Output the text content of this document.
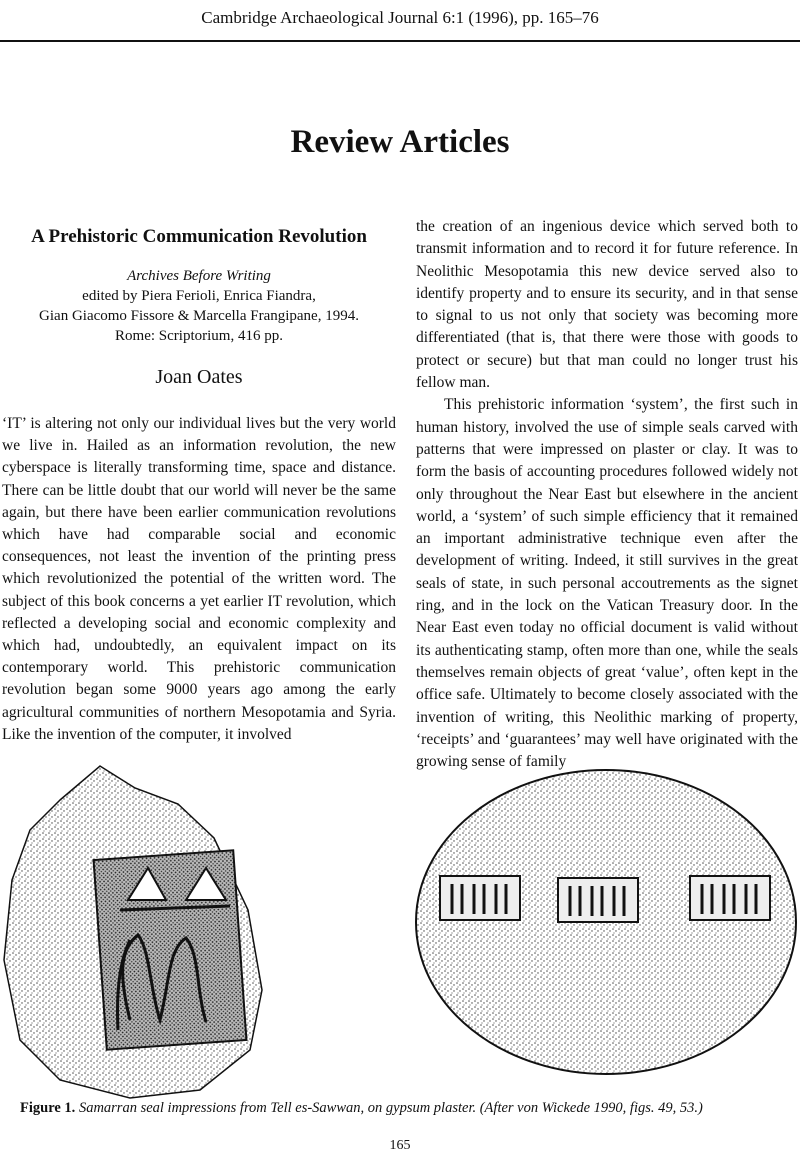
Cambridge Archaeological Journal 6:1 (1996), pp. 165–76
Review Articles
A Prehistoric Communication Revolution
Archives Before Writing
edited by Piera Ferioli, Enrica Fiandra,
Gian Giacomo Fissore & Marcella Frangipane, 1994.
Rome: Scriptorium, 416 pp.
Joan Oates

‘IT’ is altering not only our individual lives but the very world we live in. Hailed as an information revolution, the new cyberspace is literally transforming time, space and distance. There can be little doubt that our world will never be the same again, but there have been earlier communication revolutions which have had comparable social and economic consequences, not least the invention of the printing press which revolutionized the potential of the written word. The subject of this book concerns a yet earlier IT revolution, which reflected a developing social and economic complexity and which had, undoubtedly, an equivalent impact on its contemporary world. This prehistoric communication revolution began some 9000 years ago among the early agricultural communities of northern Mesopotamia and Syria. Like the invention of the computer, it involved

the creation of an ingenious device which served both to transmit information and to record it for future reference. In Neolithic Mesopotamia this new device served also to identify property and to ensure its security, and in that sense to signal to us not only that society was becoming more differentiated (that is, that there were those with goods to protect or secure) but that man could no longer trust his fellow man.

This prehistoric information ‘system’, the first such in human history, involved the use of simple seals carved with patterns that were impressed on plaster or clay. It was to form the basis of accounting procedures followed widely not only throughout the Near East but elsewhere in the ancient world, a ‘system’ of such simple efficiency that it remained an important administrative technique even after the development of writing. Indeed, it still survives in the great seals of state, in such personal accoutrements as the signet ring, and in the lock on the Vatican Treasury door. In the Near East even today no official document is valid without its authenticating stamp, often more than one, while the seals themselves remain objects of great ‘value’, often kept in the office safe. Ultimately to become closely associated with the invention of writing, this Neolithic marking of property, ‘receipts’ and ‘guarantees’ may well have originated with the growing sense of family

Figure 1. Samarran seal impressions from Tell es-Sawwan, on gypsum plaster. (After von Wickede 1990, figs. 49, 53.)
165
